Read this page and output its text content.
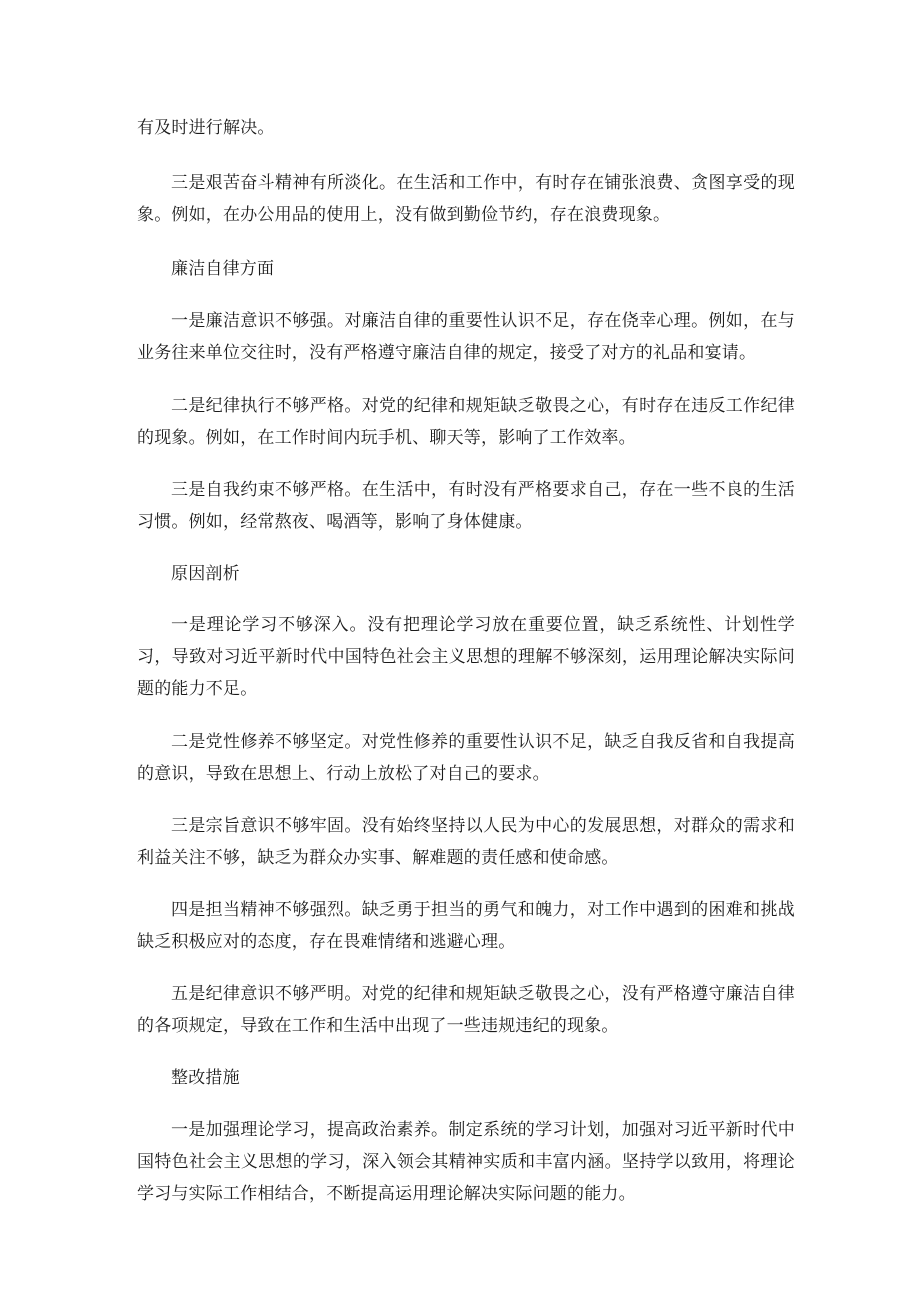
有及时进行解决。

三是艰苦奋斗精神有所淡化。在生活和工作中，有时存在铺张浪费、贪图享受的现象。例如，在办公用品的使用上，没有做到勤俭节约，存在浪费现象。

廉洁自律方面

一是廉洁意识不够强。对廉洁自律的重要性认识不足，存在侥幸心理。例如，在与业务往来单位交往时，没有严格遵守廉洁自律的规定，接受了对方的礼品和宴请。

二是纪律执行不够严格。对党的纪律和规矩缺乏敬畏之心，有时存在违反工作纪律的现象。例如，在工作时间内玩手机、聊天等，影响了工作效率。

三是自我约束不够严格。在生活中，有时没有严格要求自己，存在一些不良的生活习惯。例如，经常熬夜、喝酒等，影响了身体健康。

原因剖析

一是理论学习不够深入。没有把理论学习放在重要位置，缺乏系统性、计划性学习，导致对习近平新时代中国特色社会主义思想的理解不够深刻，运用理论解决实际问题的能力不足。

二是党性修养不够坚定。对党性修养的重要性认识不足，缺乏自我反省和自我提高的意识，导致在思想上、行动上放松了对自己的要求。

三是宗旨意识不够牢固。没有始终坚持以人民为中心的发展思想，对群众的需求和利益关注不够，缺乏为群众办实事、解难题的责任感和使命感。

四是担当精神不够强烈。缺乏勇于担当的勇气和魄力，对工作中遇到的困难和挑战缺乏积极应对的态度，存在畏难情绪和逃避心理。

五是纪律意识不够严明。对党的纪律和规矩缺乏敬畏之心，没有严格遵守廉洁自律的各项规定，导致在工作和生活中出现了一些违规违纪的现象。

整改措施

一是加强理论学习，提高政治素养。制定系统的学习计划，加强对习近平新时代中国特色社会主义思想的学习，深入领会其精神实质和丰富内涵。坚持学以致用，将理论学习与实际工作相结合，不断提高运用理论解决实际问题的能力。
